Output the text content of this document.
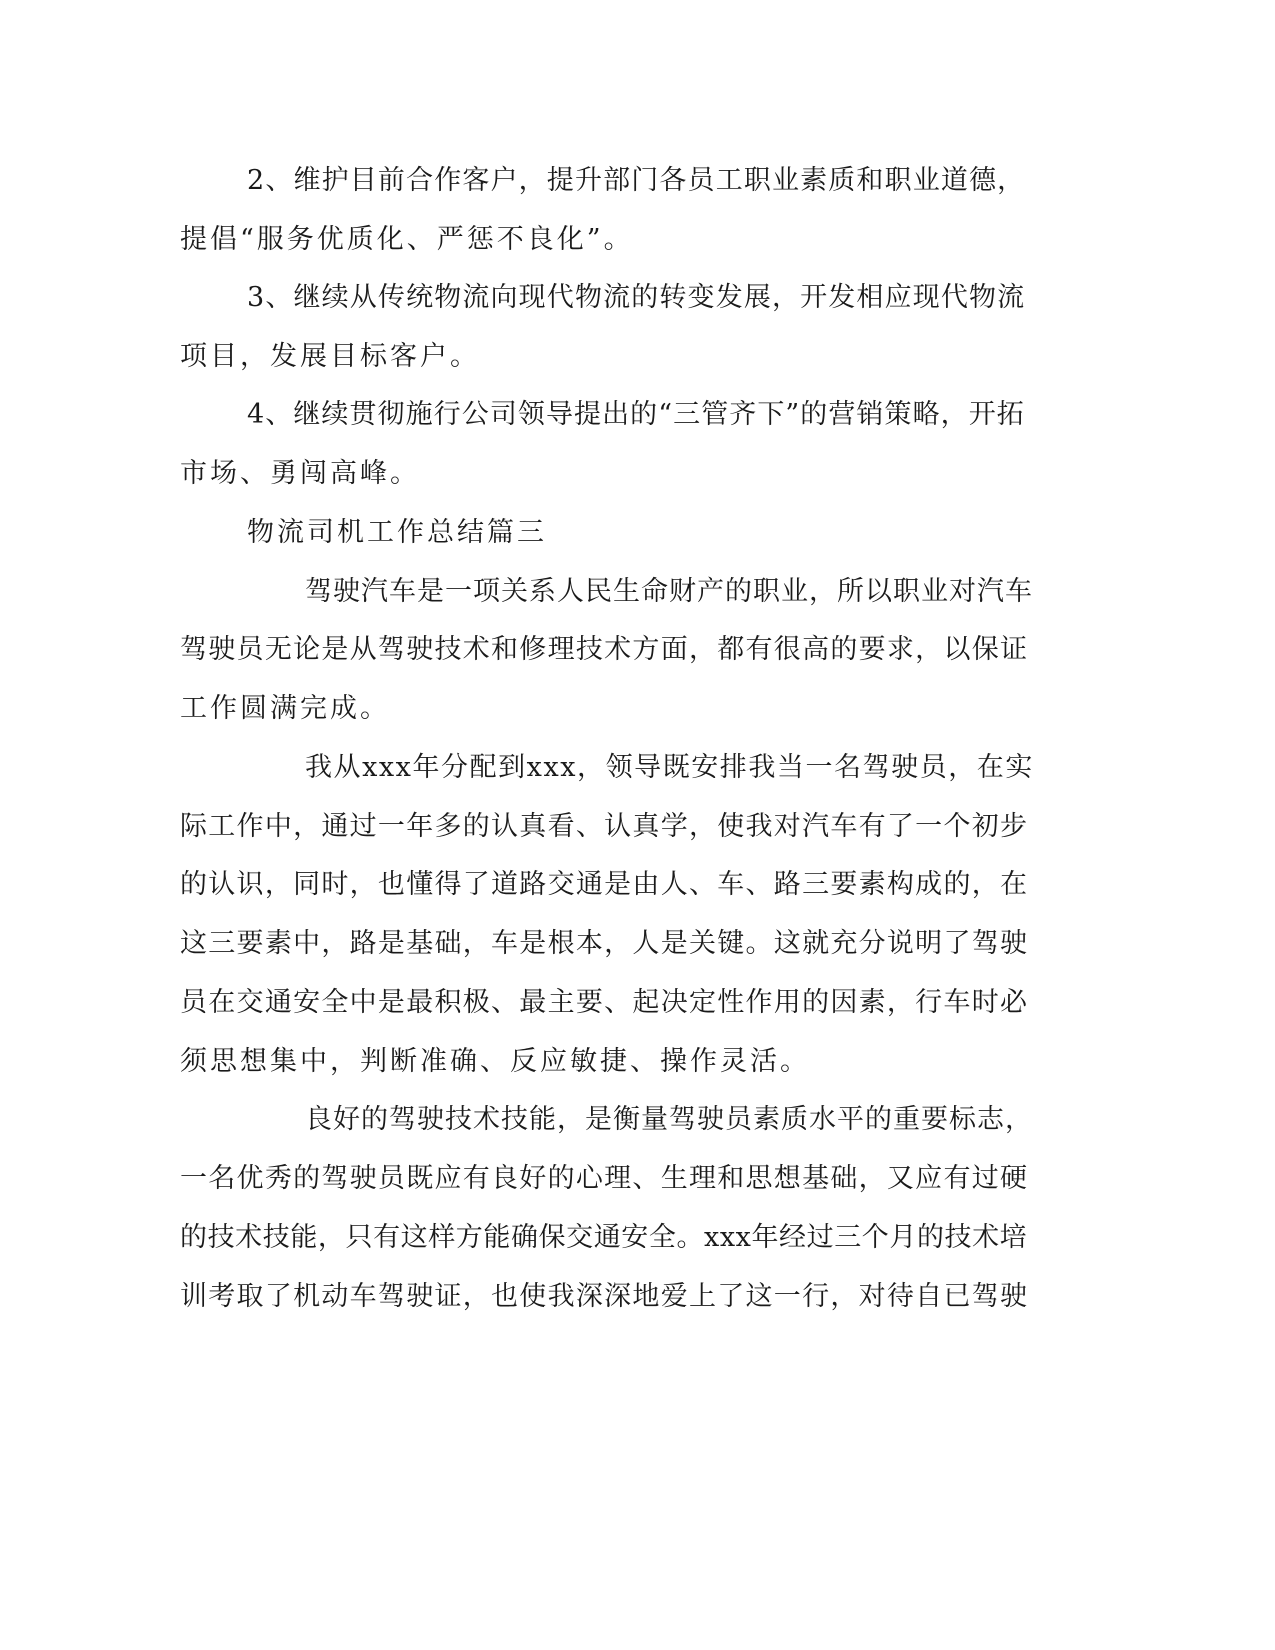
2、维护目前合作客户，提升部门各员工职业素质和职业道德，
提倡“服务优质化、严惩不良化”。
3、继续从传统物流向现代物流的转变发展，开发相应现代物流
项目，发展目标客户。
4、继续贯彻施行公司领导提出的“三管齐下”的营销策略，开拓
市场、勇闯高峰。
物流司机工作总结篇三
驾驶汽车是一项关系人民生命财产的职业，所以职业对汽车
驾驶员无论是从驾驶技术和修理技术方面，都有很高的要求，以保证
工作圆满完成。
我从xxx年分配到xxx，领导既安排我当一名驾驶员，在实
际工作中，通过一年多的认真看、认真学，使我对汽车有了一个初步
的认识，同时，也懂得了道路交通是由人、车、路三要素构成的，在
这三要素中，路是基础，车是根本，人是关键。这就充分说明了驾驶
员在交通安全中是最积极、最主要、起决定性作用的因素，行车时必
须思想集中，判断准确、反应敏捷、操作灵活。
良好的驾驶技术技能，是衡量驾驶员素质水平的重要标志，
一名优秀的驾驶员既应有良好的心理、生理和思想基础，又应有过硬
的技术技能，只有这样方能确保交通安全。xxx年经过三个月的技术培
训考取了机动车驾驶证，也使我深深地爱上了这一行，对待自已驾驶
